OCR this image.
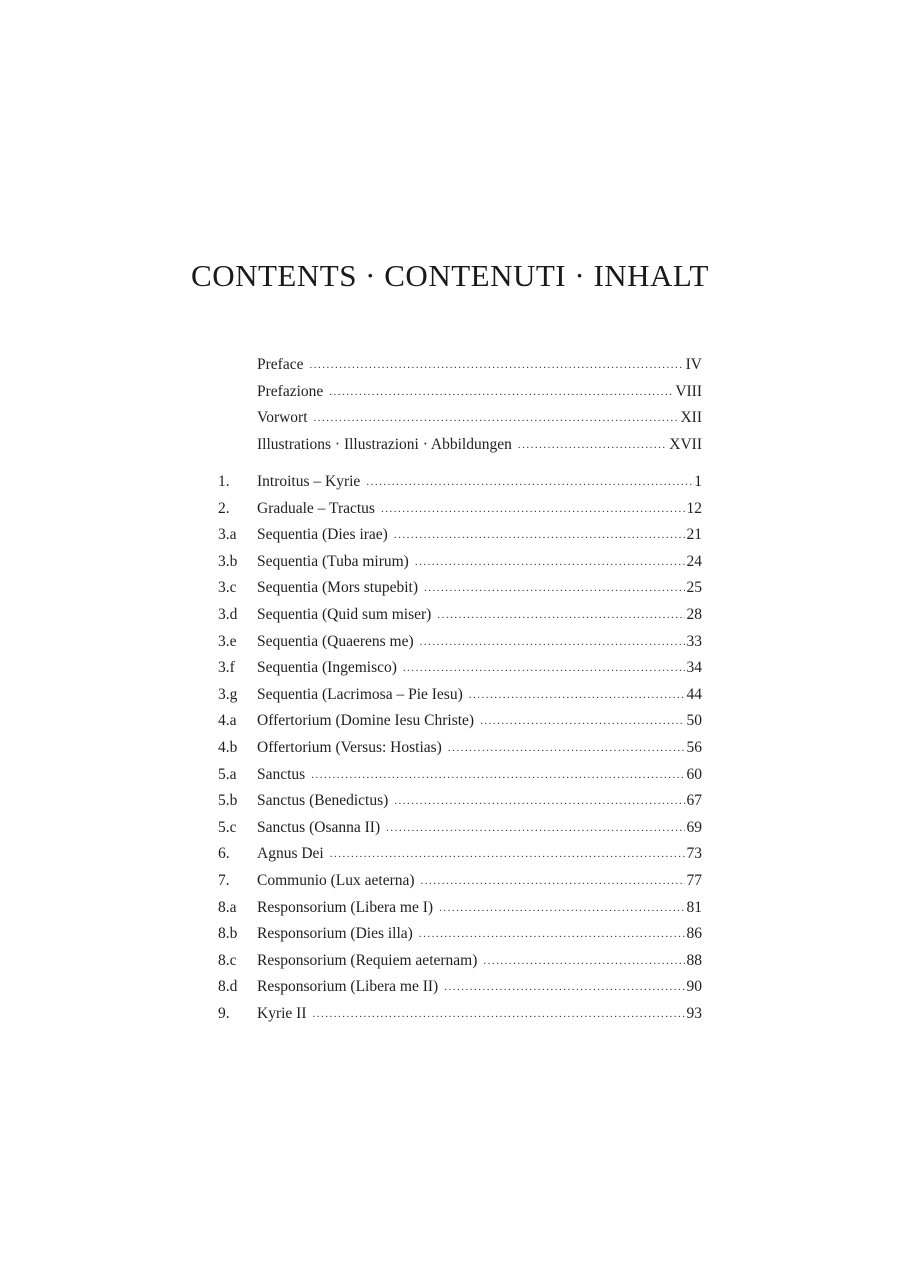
CONTENTS · CONTENUTI · INHALT
Preface .....	IV
Prefazione .....	VIII
Vorwort .....	XII
Illustrations · Illustrazioni · Abbildungen .....	XVII
1.	Introitus – Kyrie .....	1
2.	Graduale – Tractus .....	12
3.a	Sequentia (Dies irae) .....	21
3.b	Sequentia (Tuba mirum) .....	24
3.c	Sequentia (Mors stupebit) .....	25
3.d	Sequentia (Quid sum miser) .....	28
3.e	Sequentia (Quaerens me) .....	33
3.f	Sequentia (Ingemisco) .....	34
3.g	Sequentia (Lacrimosa – Pie Iesu) .....	44
4.a	Offertorium (Domine Iesu Christe) .....	50
4.b	Offertorium (Versus: Hostias) .....	56
5.a	Sanctus .....	60
5.b	Sanctus (Benedictus) .....	67
5.c	Sanctus (Osanna II) .....	69
6.	Agnus Dei .....	73
7.	Communio (Lux aeterna) .....	77
8.a	Responsorium (Libera me I) .....	81
8.b	Responsorium (Dies illa) .....	86
8.c	Responsorium (Requiem aeternam) .....	88
8.d	Responsorium (Libera me II) .....	90
9.	Kyrie II .....	93
